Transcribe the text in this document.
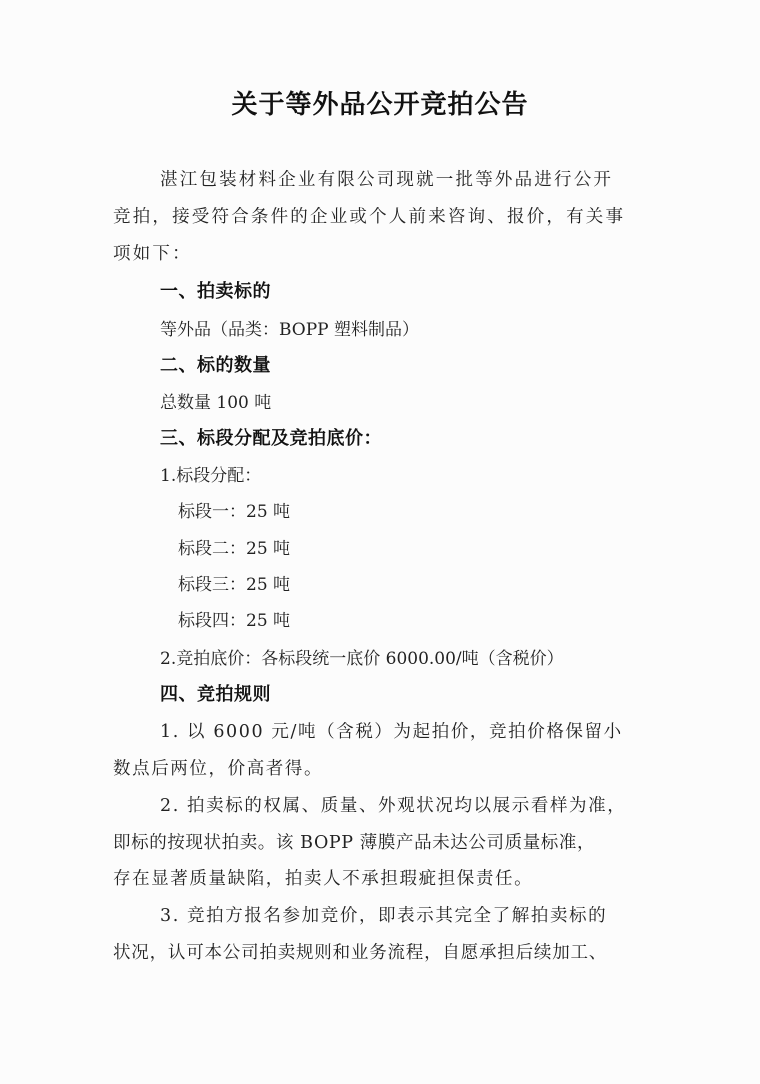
关于等外品公开竞拍公告
湛江包装材料企业有限公司现就一批等外品进行公开
竞拍，接受符合条件的企业或个人前来咨询、报价，有关事
项如下：
一、拍卖标的
等外品（品类：BOPP 塑料制品）
二、标的数量
总数量 100 吨
三、标段分配及竞拍底价：
1.标段分配：
标段一：25 吨
标段二：25 吨
标段三：25 吨
标段四：25 吨
2.竞拍底价：各标段统一底价 6000.00/吨（含税价）
四、竞拍规则
1. 以 6000 元/吨（含税）为起拍价，竞拍价格保留小
数点后两位，价高者得。
2. 拍卖标的权属、质量、外观状况均以展示看样为准，
即标的按现状拍卖。该 BOPP 薄膜产品未达公司质量标准，
存在显著质量缺陷，拍卖人不承担瑕疵担保责任。
3. 竞拍方报名参加竞价，即表示其完全了解拍卖标的
状况，认可本公司拍卖规则和业务流程，自愿承担后续加工、
